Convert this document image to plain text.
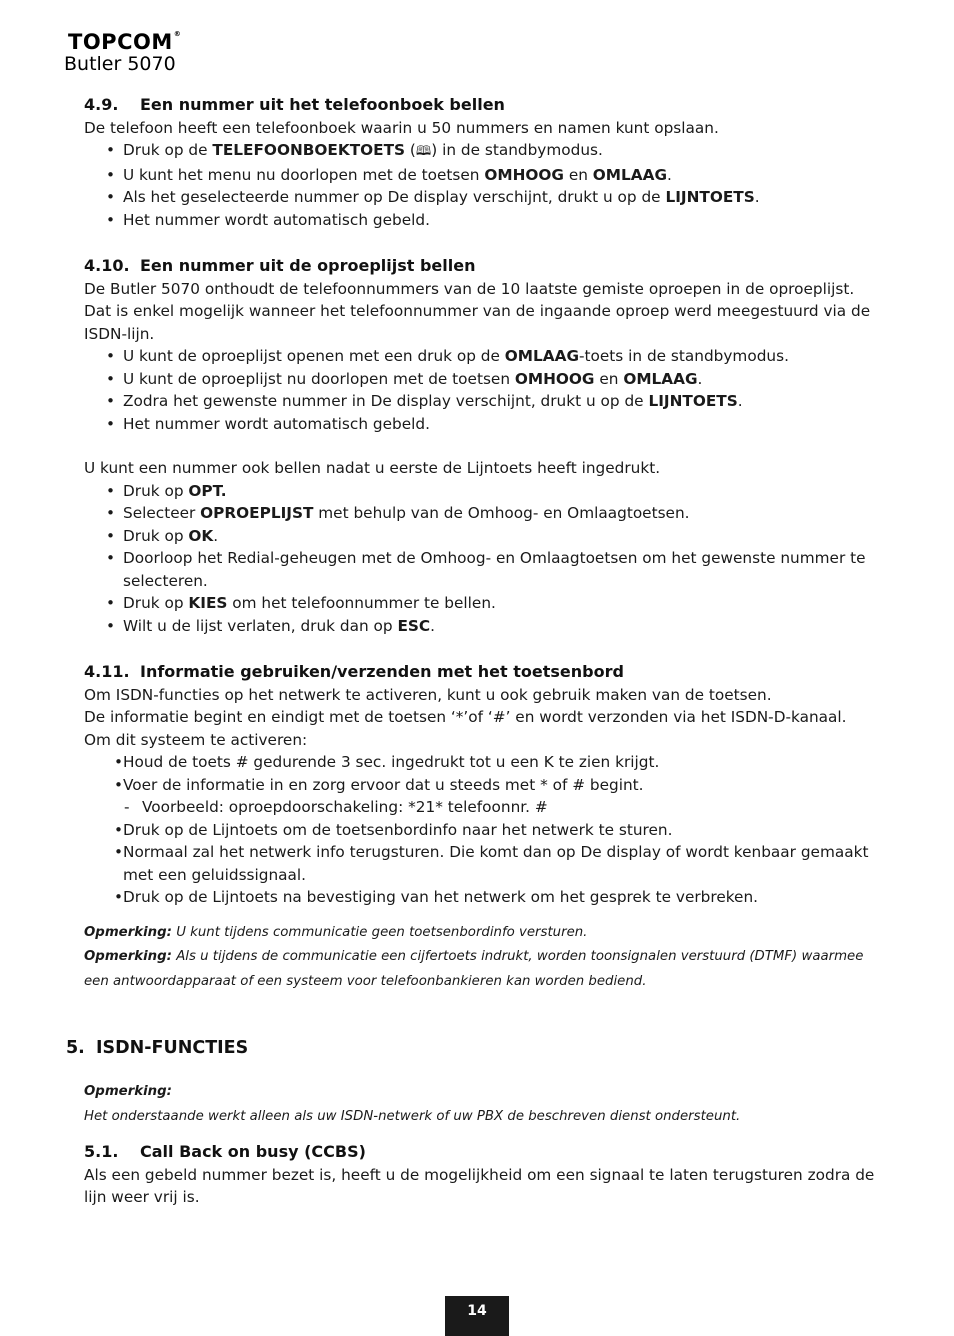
TOPCOM®
Butler 5070
4.9. Een nummer uit het telefoonboek bellen

De telefoon heeft een telefoonboek waarin u 50 nummers en namen kunt opslaan.

• Druk op de TELEFOONBOEKTOETS (🕮) in de standbymodus.
• U kunt het menu nu doorlopen met de toetsen OMHOOG en OMLAAG.
• Als het geselecteerde nummer op De display verschijnt, drukt u op de LIJNTOETS.
• Het nummer wordt automatisch gebeld.
4.10. Een nummer uit de oproeplijst bellen

De Butler 5070 onthoudt de telefoonnummers van de 10 laatste gemiste oproepen in de oproeplijst. Dat is enkel mogelijk wanneer het telefoonnummer van de ingaande oproep werd meegestuurd via de ISDN-lijn.

• U kunt de oproeplijst openen met een druk op de OMLAAG-toets in de standbymodus.
• U kunt de oproeplijst nu doorlopen met de toetsen OMHOOG en OMLAAG.
• Zodra het gewenste nummer in De display verschijnt, drukt u op de LIJNTOETS.
• Het nummer wordt automatisch gebeld.

U kunt een nummer ook bellen nadat u eerste de Lijntoets heeft ingedrukt.

• Druk op OPT.
• Selecteer OPROEPLIJST met behulp van de Omhoog- en Omlaagtoetsen.
• Druk op OK.
• Doorloop het Redial-geheugen met de Omhoog- en Omlaagtoetsen om het gewenste nummer te selecteren.
• Druk op KIES om het telefoonnummer te bellen.
• Wilt u de lijst verlaten, druk dan op ESC.
4.11. Informatie gebruiken/verzenden met het toetsenbord

Om ISDN-functies op het netwerk te activeren, kunt u ook gebruik maken van de toetsen.

De informatie begint en eindigt met de toetsen ‘*’of ‘#’ en wordt verzonden via het ISDN-D-kanaal.

Om dit systeem te activeren:

• Houd de toets # gedurende 3 sec. ingedrukt tot u een K te zien krijgt.
• Voer de informatie in en zorg ervoor dat u steeds met * of # begint.
- Voorbeeld: oproepdoorschakeling: *21* telefoonnr. #
• Druk op de Lijntoets om de toetsenbordinfo naar het netwerk te sturen.
• Normaal zal het netwerk info terugsturen. Die komt dan op De display of wordt kenbaar gemaakt met een geluidssignaal.
• Druk op de Lijntoets na bevestiging van het netwerk om het gesprek te verbreken.

Opmerking: U kunt tijdens communicatie geen toetsenbordinfo versturen.

Opmerking: Als u tijdens de communicatie een cijfertoets indrukt, worden toonsignalen verstuurd (DTMF) waarmee een antwoordapparaat of een systeem voor telefoonbankieren kan worden bediend.

5. ISDN-FUNCTIES

Opmerking:

Het onderstaande werkt alleen als uw ISDN-netwerk of uw PBX de beschreven dienst ondersteunt.

5.1. Call Back on busy (CCBS)

Als een gebeld nummer bezet is, heeft u de mogelijkheid om een signaal te laten terugsturen zodra de lijn weer vrij is.

14
